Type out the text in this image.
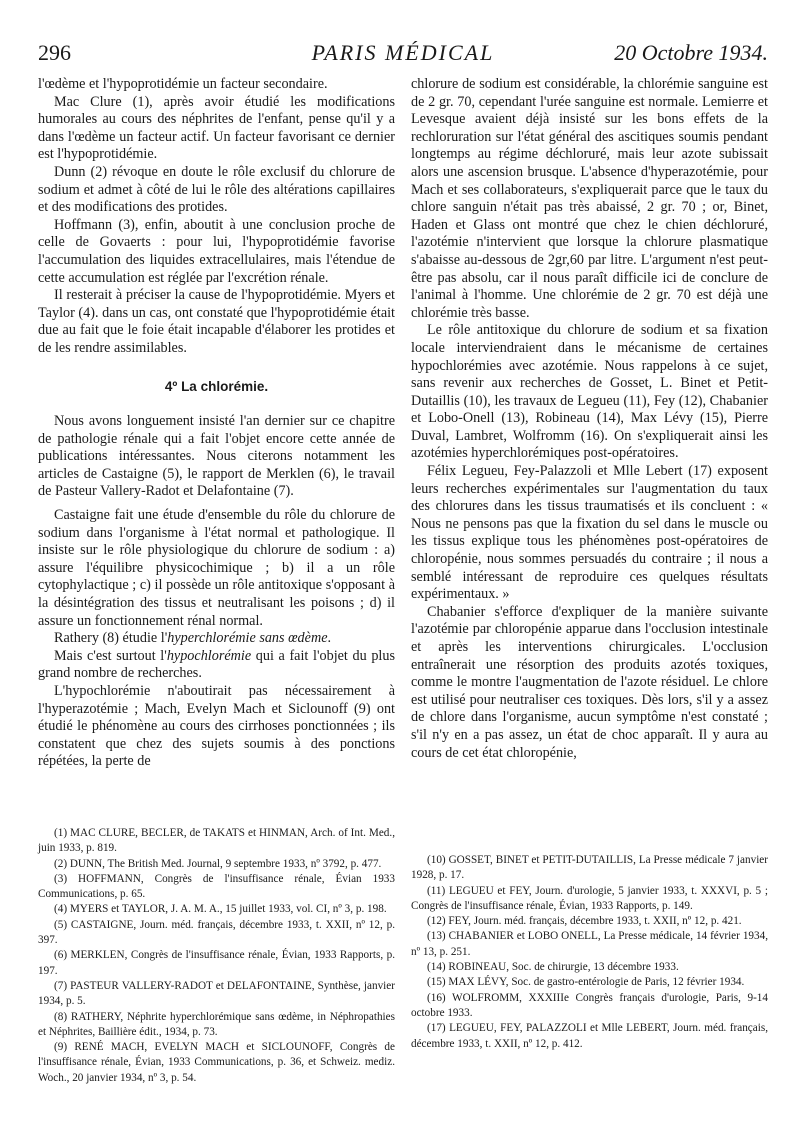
296	PARIS MÉDICAL	20 Octobre 1934.

l'œdème et l'hypoprotidémie un facteur secondaire.

Mac Clure (1), après avoir étudié les modifications humorales au cours des néphrites de l'enfant, pense qu'il y a dans l'œdème un facteur actif. Un facteur favorisant ce dernier est l'hypoprotidémie.

Dunn (2) révoque en doute le rôle exclusif du chlorure de sodium et admet à côté de lui le rôle des altérations capillaires et des modifications des protides.

Hoffmann (3), enfin, aboutit à une conclusion proche de celle de Govaerts : pour lui, l'hypoprotidémie favorise l'accumulation des liquides extracellulaires, mais l'étendue de cette accumulation est réglée par l'excrétion rénale.

Il resterait à préciser la cause de l'hypoprotidémie. Myers et Taylor (4). dans un cas, ont constaté que l'hypoprotidémie était due au fait que le foie était incapable d'élaborer les protides et de les rendre assimilables.

4º La chlorémie.

Nous avons longuement insisté l'an dernier sur ce chapitre de pathologie rénale qui a fait l'objet encore cette année de publications intéressantes. Nous citerons notamment les articles de Castaigne (5), le rapport de Merklen (6), le travail de Pasteur Vallery-Radot et Delafontaine (7).

Castaigne fait une étude d'ensemble du rôle du chlorure de sodium dans l'organisme à l'état normal et pathologique. Il insiste sur le rôle physiologique du chlorure de sodium : a) assure l'équilibre physicochimique ; b) il a un rôle cytophylactique ; c) il possède un rôle antitoxique s'opposant à la désintégration des tissus et neutralisant les poisons ; d) il assure un fonctionnement rénal normal.

Rathery (8) étudie l'hyperchlorémie sans œdème.

Mais c'est surtout l'hypochlorémie qui a fait l'objet du plus grand nombre de recherches.

L'hypochlorémie n'aboutirait pas nécessairement à l'hyperazotémie ; Mach, Evelyn Mach et Siclounoff (9) ont étudié le phénomène au cours des cirrhoses ponctionnées ; ils constatent que chez des sujets soumis à des ponctions répétées, la perte de

chlorure de sodium est considérable, la chlorémie sanguine est de 2 gr. 70, cependant l'urée sanguine est normale. Lemierre et Levesque avaient déjà insisté sur les bons effets de la rechloruration sur l'état général des ascitiques soumis pendant longtemps au régime déchloruré, mais leur azote subissait alors une ascension brusque. L'absence d'hyperazotémie, pour Mach et ses collaborateurs, s'expliquerait parce que le taux du chlore sanguin n'était pas très abaissé, 2 gr. 70 ; or, Binet, Haden et Glass ont montré que chez le chien déchloruré, l'azotémie n'intervient que lorsque la chlorure plasmatique s'abaisse au-dessous de 2gr,60 par litre. L'argument n'est peut-être pas absolu, car il nous paraît difficile ici de conclure de l'animal à l'homme. Une chlorémie de 2 gr. 70 est déjà une chlorémie très basse.

Le rôle antitoxique du chlorure de sodium et sa fixation locale interviendraient dans le mécanisme de certaines hypochlorémies avec azotémie. Nous rappelons à ce sujet, sans revenir aux recherches de Gosset, L. Binet et Petit-Dutaillis (10), les travaux de Legueu (11), Fey (12), Chabanier et Lobo-Onell (13), Robineau (14), Max Lévy (15), Pierre Duval, Lambret, Wolfromm (16). On s'expliquerait ainsi les azotémies hyperchlorémiques post-opératoires.

Félix Legueu, Fey-Palazzoli et Mlle Lebert (17) exposent leurs recherches expérimentales sur l'augmentation du taux des chlorures dans les tissus traumatisés et ils concluent : « Nous ne pensons pas que la fixation du sel dans le muscle ou les tissus explique tous les phénomènes post-opératoires de chloropénie, nous sommes persuadés du contraire ; il nous a semblé intéressant de reproduire ces quelques résultats expérimentaux. »

Chabanier s'efforce d'expliquer de la manière suivante l'azotémie par chloropénie apparue dans l'occlusion intestinale et après les interventions chirurgicales. L'occlusion entraînerait une résorption des produits azotés toxiques, comme le montre l'augmentation de l'azote résiduel. Le chlore est utilisé pour neutraliser ces toxiques. Dès lors, s'il y a assez de chlore dans l'organisme, aucun symptôme n'est constaté ; s'il n'y en a pas assez, un état de choc apparaît. Il y aura au cours de cet état chloropénie,

(1) MAC CLURE, BECLER, de TAKATS et HINMAN, Arch. of Int. Med., juin 1933, p. 819.

(2) DUNN, The British Med. Journal, 9 septembre 1933, nº 3792, p. 477.

(3) HOFFMANN, Congrès de l'insuffisance rénale, Évian 1933 Communications, p. 65.

(4) MYERS et TAYLOR, J. A. M. A., 15 juillet 1933, vol. CI, nº 3, p. 198.

(5) CASTAIGNE, Journ. méd. français, décembre 1933, t. XXII, nº 12, p. 397.

(6) MERKLEN, Congrès de l'insuffisance rénale, Évian, 1933 Rapports, p. 197.

(7) PASTEUR VALLERY-RADOT et DELAFONTAINE, Synthèse, janvier 1934, p. 5.

(8) RATHERY, Néphrite hyperchlorémique sans œdème, in Néphropathies et Néphrites, Baillière édit., 1934, p. 73.

(9) RENÉ MACH, EVELYN MACH et SICLOUNOFF, Congrès de l'insuffisance rénale, Évian, 1933 Communications, p. 36, et Schweiz. mediz. Woch., 20 janvier 1934, nº 3, p. 54.

(10) GOSSET, BINET et PETIT-DUTAILLIS, La Presse médicale 7 janvier 1928, p. 17.

(11) LEGUEU et FEY, Journ. d'urologie, 5 janvier 1933, t. XXXVI, p. 5 ; Congrès de l'insuffisance rénale, Évian, 1933 Rapports, p. 149.

(12) FEY, Journ. méd. français, décembre 1933, t. XXII, nº 12, p. 421.

(13) CHABANIER et LOBO ONELL, La Presse médicale, 14 février 1934, nº 13, p. 251.

(14) ROBINEAU, Soc. de chirurgie, 13 décembre 1933.

(15) MAX LÉVY, Soc. de gastro-entérologie de Paris, 12 février 1934.

(16) WOLFROMM, XXXIIIe Congrès français d'urologie, Paris, 9-14 octobre 1933.

(17) LEGUEU, FEY, PALAZZOLI et Mlle LEBERT, Journ. méd. français, décembre 1933, t. XXII, nº 12, p. 412.
